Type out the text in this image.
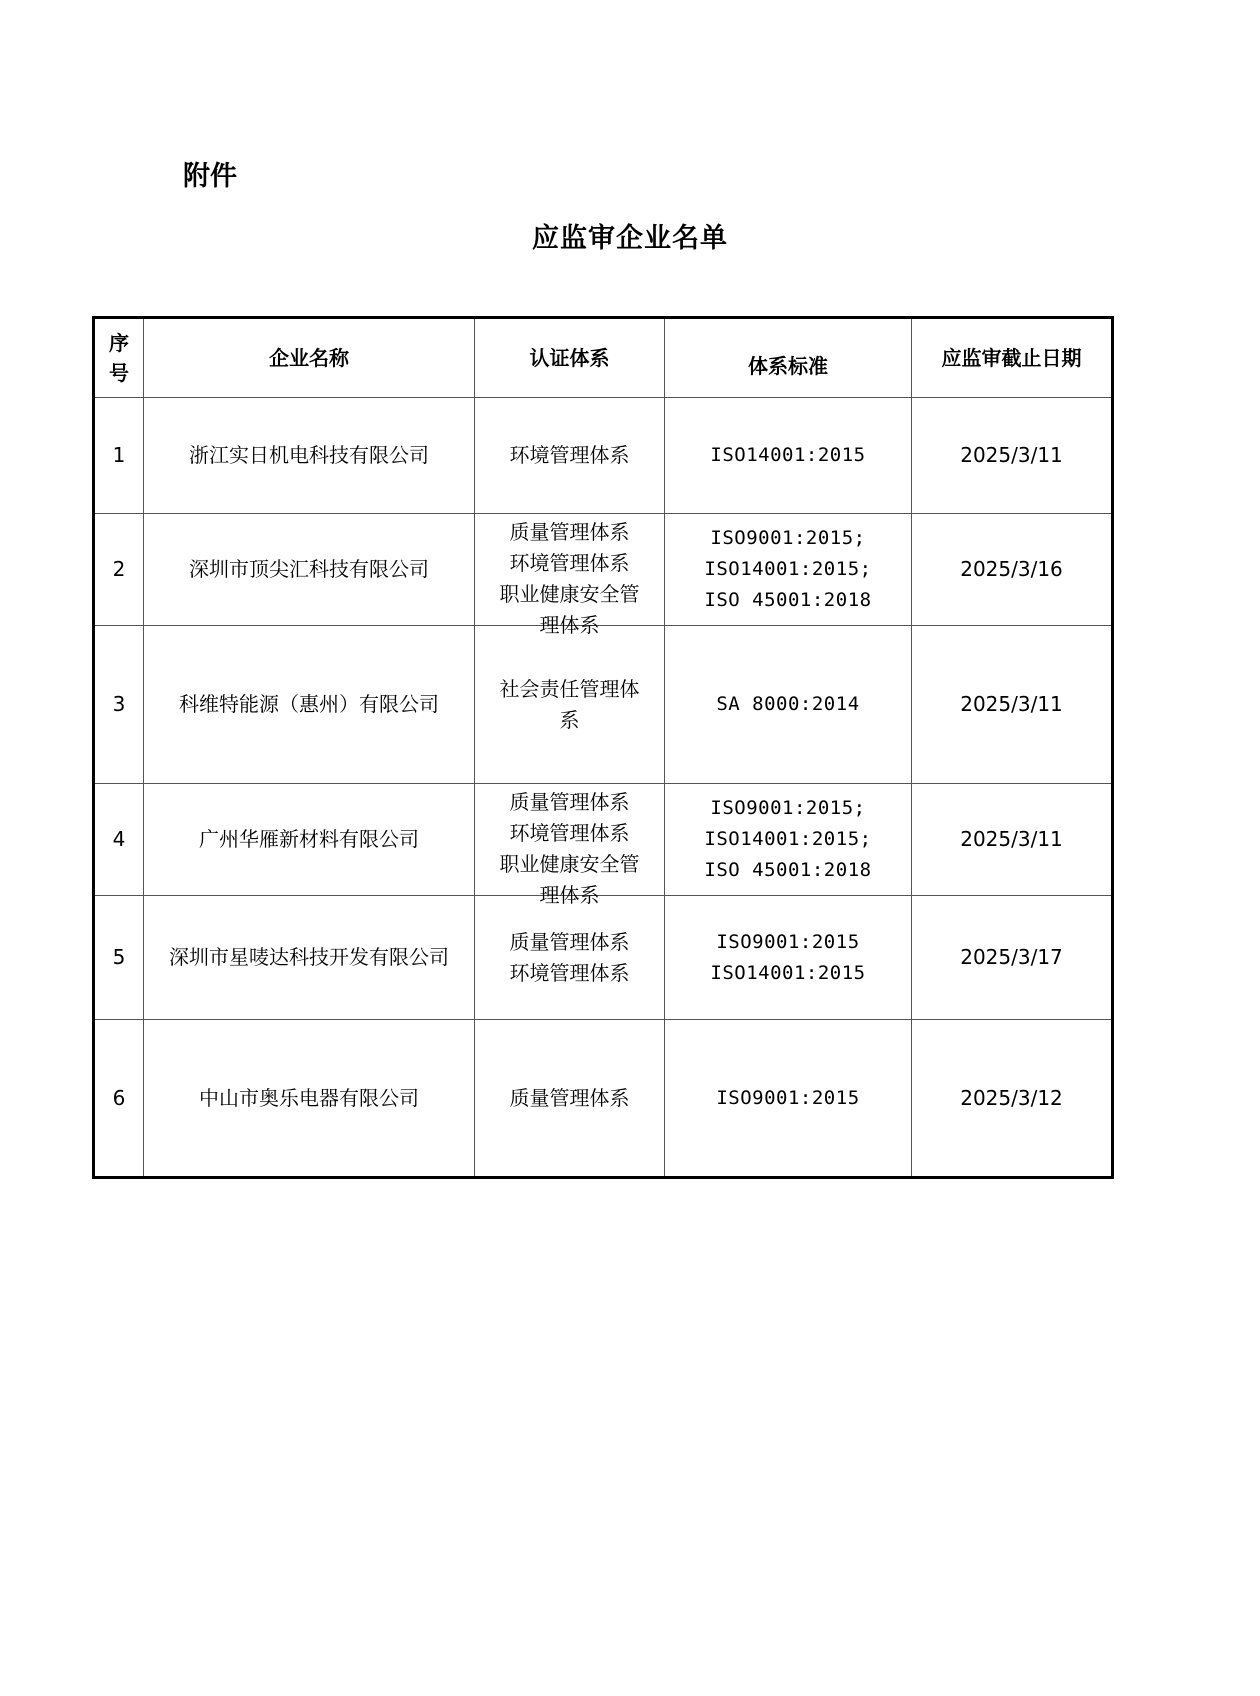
附件
应监审企业名单
序
号	企业名称	认证体系	体系标准	应监审截止日期
1	浙江实日机电科技有限公司	环境管理体系	ISO14001:2015	2025/3/11
2	深圳市顶尖汇科技有限公司	质量管理体系
环境管理体系
职业健康安全管
理体系	ISO9001:2015;
ISO14001:2015;
ISO 45001:2018	2025/3/16
3	科维特能源（惠州）有限公司	社会责任管理体
系	SA 8000:2014	2025/3/11
4	广州华雁新材料有限公司	质量管理体系
环境管理体系
职业健康安全管
理体系	ISO9001:2015;
ISO14001:2015;
ISO 45001:2018	2025/3/11
5	深圳市星唛达科技开发有限公司	质量管理体系
环境管理体系	ISO9001:2015
ISO14001:2015	2025/3/17
6	中山市奥乐电器有限公司	质量管理体系	ISO9001:2015	2025/3/12
